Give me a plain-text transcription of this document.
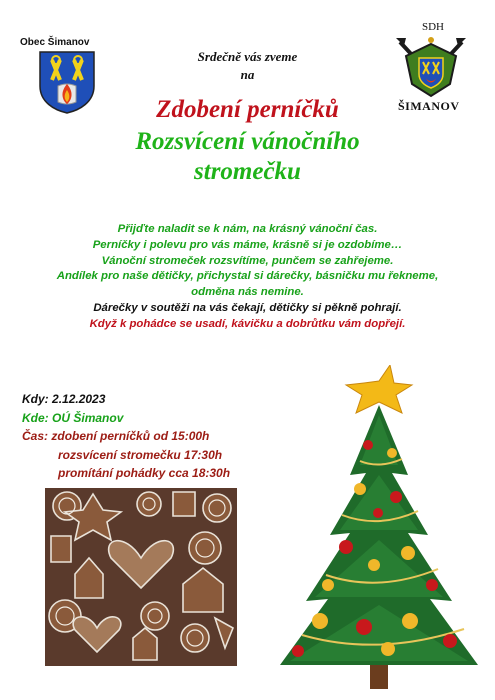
Obec Šimanov
SDH
ŠIMANOV
Srdečně vás zveme
na
Zdobení perníčků
Rozsvícení vánočního
stromečku
Přijďte naladit se k nám, na krásný vánoční čas.
Perníčky i polevu pro vás máme, krásně si je ozdobíme…
Vánoční stromeček rozsvítíme, punčem se zahřejeme.
Andílek pro naše dětičky, přichystal si dárečky, básničku mu řekneme,
odměna nás nemine.
Dárečky v soutěži na vás čekají, dětičky si pěkně pohrají.
Když k pohádce se usadí, kávičku a dobrůtku vám dopřejí.
Kdy: 2.12.2023
Kde: OÚ Šimanov
Čas: zdobení perníčků od 15:00h
rozsvícení stromečku 17:30h
promítání pohádky cca 18:30h
